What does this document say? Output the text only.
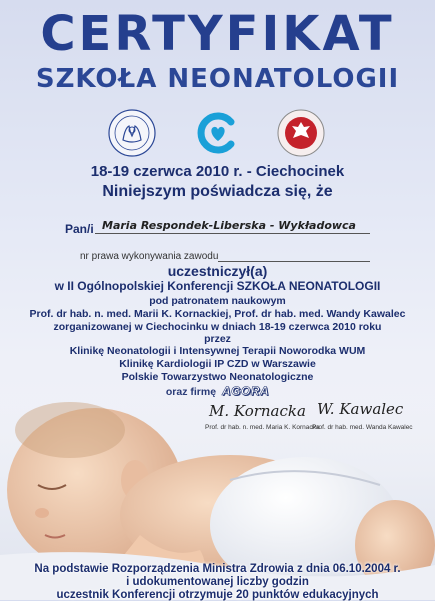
CERTYFIKAT
SZKOŁA NEONATOLOGII
18-19 czerwca 2010 r. - Ciechocinek
Niniejszym poświadcza się, że
Pan/i Maria Respondek-Liberska - Wykładowca
nr prawa wykonywania zawodu
uczestniczył(a)
w II Ogólnopolskiej Konferencji SZKOŁA NEONATOLOGII
pod patronatem naukowym
Prof. dr hab. n. med. Marii K. Kornackiej, Prof. dr hab. med. Wandy Kawalec
zorganizowanej w Ciechocinku w dniach 18-19 czerwca 2010 roku
przez
Klinikę Neonatologii i Intensywnej Terapii Noworodka WUM
Klinikę Kardiologii IP CZD w Warszawie
Polskie Towarzystwo Neonatologiczne
M. Kornacka W. Kawalec
Prof. dr hab. n. med. Maria K. Kornacka
Prof. dr hab. med. Wanda Kawalec
Na podstawie Rozporządzenia Ministra Zdrowia z dnia 06.10.2004 r.
i udokumentowanej liczby godzin
uczestnik Konferencji otrzymuje 20 punktów edukacyjnych
